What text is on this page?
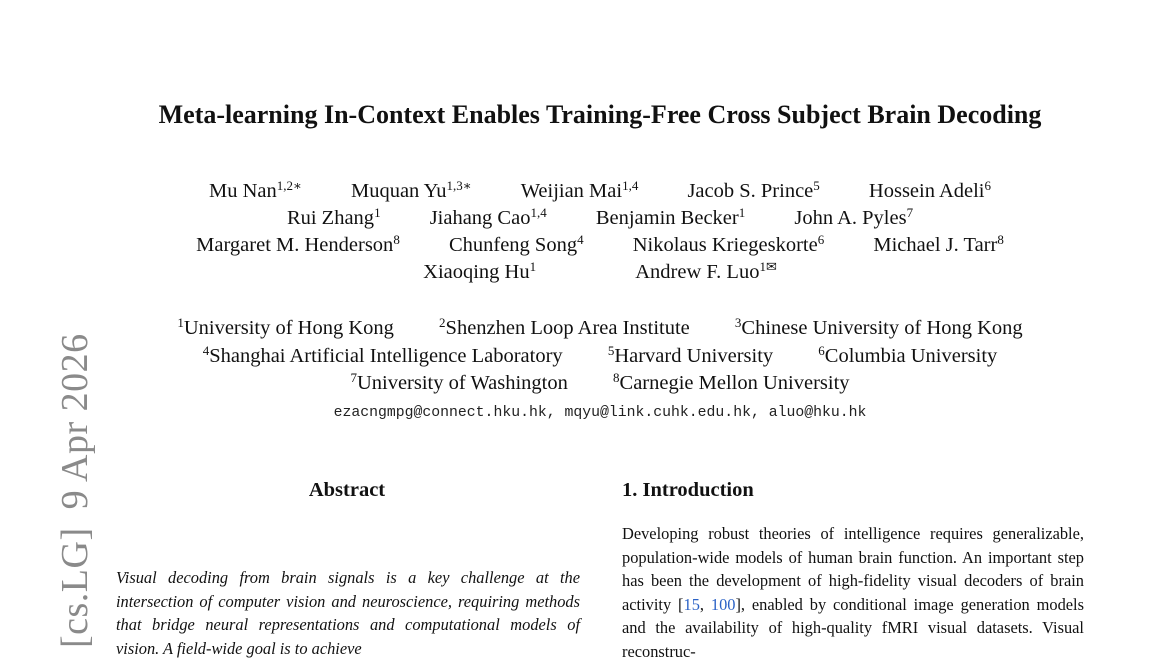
[cs.LG]9 Apr 2026
Meta-learning In-Context Enables Training-Free Cross Subject Brain Decoding
Mu Nan$^{1,2∗}$ Muquan $Yu^{1,3∗}$ Weijian Mai$^{1,4}$ Jacob S. Prince$^5$ Hossein Adeli$^6$
Rui Zhang$^1$ Jiahang Cao$^{1,4}$ Benjamin Becker$^1$ John A. Pyles$^7$
Margaret M. Henderson$^8$ Chunfeng Song$^4$ Nikolaus Kriegeskorte$^6$ Michael J. Tarr$^8$
Xiaoqing Hu$^1$	Andrew F. Luo$^{1✉}$
$^1$University of Hong Kong	$^2$Shenzhen Loop Area Institute	$^3$Chinese University of Hong Kong
$^4$Shanghai Artificial Intelligence Laboratory	$^5$Harvard University	$^6$Columbia University
$^7$University of Washington	$^8$Carnegie Mellon University
ezacngmpg@connect.hku.hk, mqyu@link.cuhk.edu.hk, aluo@hku.hk
Abstract

Visual decoding from brain signals is a key challenge at the intersection of computer vision and neuroscience, requiring methods that bridge neural representations and computational models of vision. A field-wide goal is to achieve

1. Introduction

Developing robust theories of intelligence requires generalizable, population-wide models of human brain function. An important step has been the development of high-fidelity visual decoders of brain activity [15, 100], enabled by conditional image generation models and the availability of high-quality fMRI visual datasets. Visual reconstruc-
